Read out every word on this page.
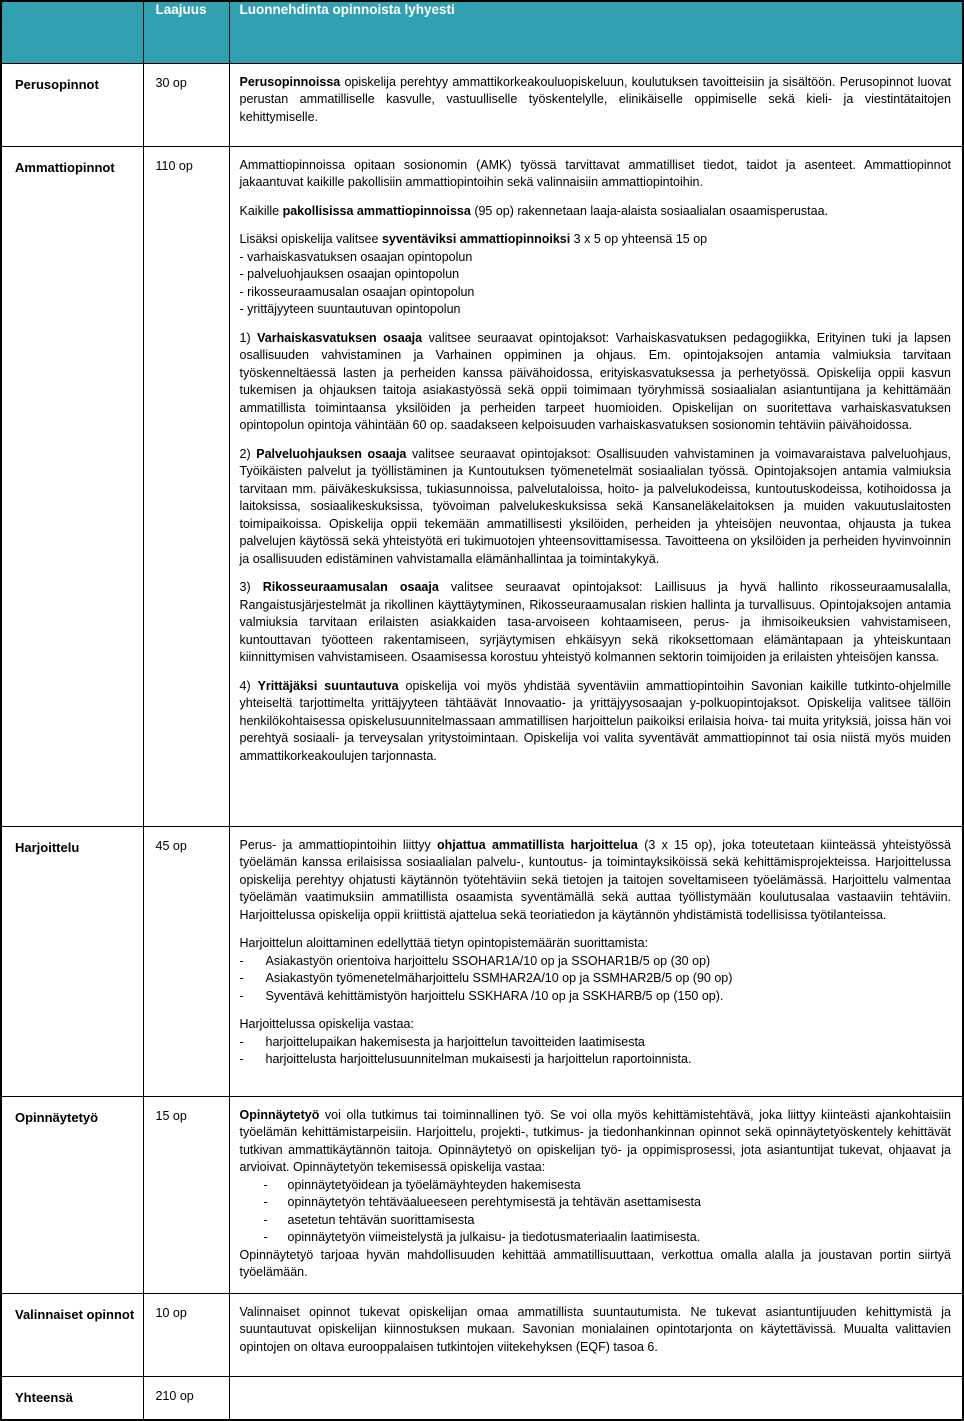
	Laajuus	Luonnehdinta opinnoista lyhyesti
Perusopinnot	30 op	Perusopinnoissa opiskelija perehtyy ammattikorkeakouluopiskeluun, koulutuksen tavoitteisiin ja sisältöön. Perusopinnot luovat perustan ammatilliselle kasvulle, vastuulliselle työskentelylle, elinikäiselle oppimiselle sekä kieli- ja viestintätaitojen kehittymiselle.

Ammattiopinnot	110 op	Ammattiopinnoissa opitaan sosionomin (AMK) työssä tarvittavat ammatilliset tiedot, taidot ja asenteet. Ammattiopinnot jakaantuvat kaikille pakollisiin ammattiopintoihin sekä valinnaisiin ammattiopintoihin.
Kaikille pakollisissa ammattiopinnoissa (95 op) rakennetaan laaja-alaista sosiaalialan osaamisperustaa.
Lisäksi opiskelija valitsee syventäviksi ammattiopinnoiksi 3 x 5 op yhteensä 15 op
- varhaiskasvatuksen osaajan opintopolun
- palveluohjauksen osaajan opintopolun
- rikosseuraamusalan osaajan opintopolun
- yrittäjyyteen suuntautuvan opintopolun
1) Varhaiskasvatuksen osaaja valitsee seuraavat opintojaksot: Varhaiskasvatuksen pedagogiikka, Erityinen tuki ja lapsen osallisuuden vahvistaminen ja Varhainen oppiminen ja ohjaus. Em. opintojaksojen antamia valmiuksia tarvitaan työskenneltäessä lasten ja perheiden kanssa päivähoidossa, erityiskasvatuksessa ja perhetyössä. Opiskelija oppii kasvun tukemisen ja ohjauksen taitoja asiakastyössä sekä oppii toimimaan työryhmissä sosiaalialan asiantuntijana ja kehittämään ammatillista toimintaansa yksilöiden ja perheiden tarpeet huomioiden. Opiskelijan on suoritettava varhaiskasvatuksen opintopolun opintoja vähintään 60 op. saadakseen kelpoisuuden varhaiskasvatuksen sosionomin tehtäviin päivähoidossa.
2) Palveluohjauksen osaaja valitsee seuraavat opintojaksot: Osallisuuden vahvistaminen ja voimavaraistava palveluohjaus, Työikäisten palvelut ja työllistäminen ja Kuntoutuksen työmenetelmät sosiaalialan työssä. Opintojaksojen antamia valmiuksia tarvitaan mm. päiväkeskuksissa, tukiasunnoissa, palvelutaloissa, hoito- ja palvelukodeissa, kuntoutuskodeissa, kotihoidossa ja laitoksissa, sosiaalikeskuksissa, työvoiman palvelukeskuksissa sekä Kansaneläkelaitoksen ja muiden vakuutuslaitosten toimipaikoissa. Opiskelija oppii tekemään ammatillisesti yksilöiden, perheiden ja yhteisöjen neuvontaa, ohjausta ja tukea palvelujen käytössä sekä yhteistyötä eri tukimuotojen yhteensovittamisessa. Tavoitteena on yksilöiden ja perheiden hyvinvoinnin ja osallisuuden edistäminen vahvistamalla elämänhallintaa ja toimintakykyä.
3) Rikosseuraamusalan osaaja valitsee seuraavat opintojaksot: Laillisuus ja hyvä hallinto rikosseuraamusalalla, Rangaistusjärjestelmät ja rikollinen käyttäytyminen, Rikosseuraamusalan riskien hallinta ja turvallisuus. Opintojaksojen antamia valmiuksia tarvitaan erilaisten asiakkaiden tasa-arvoiseen kohtaamiseen, perus- ja ihmisoikeuksien vahvistamiseen, kuntouttavan työotteen rakentamiseen, syrjäytymisen ehkäisyyn sekä rikoksettomaan elämäntapaan ja yhteiskuntaan kiinnittymisen vahvistamiseen. Osaamisessa korostuu yhteistyö kolmannen sektorin toimijoiden ja erilaisten yhteisöjen kanssa.
4) Yrittäjäksi suuntautuva opiskelija voi myös yhdistää syventäviin ammattiopintoihin Savonian kaikille tutkinto-ohjelmille yhteiseltä tarjottimelta yrittäjyyteen tähtäävät Innovaatio- ja yrittäjyysosaajan y-polkuopintojaksot. Opiskelija valitsee tällöin henkilökohtaisessa opiskelusuunnitelmassaan ammatillisen harjoittelun paikoiksi erilaisia hoiva- tai muita yrityksiä, joissa hän voi perehtyä sosiaali- ja terveysalan yritystoimintaan. Opiskelija voi valita syventävät ammattiopinnot tai osia niistä myös muiden ammattikorkeakoulujen tarjonnasta.

Harjoittelu	45 op	Perus- ja ammattiopintoihin liittyy ohjattua ammatillista harjoittelua (3 x 15 op), joka toteutetaan kiinteässä yhteistyössä työelämän kanssa erilaisissa sosiaalialan palvelu-, kuntoutus- ja toimintayksiköissä sekä kehittämisprojekteissa. Harjoittelussa opiskelija perehtyy ohjatusti käytännön työtehtäviin sekä tietojen ja taitojen soveltamiseen työelämässä. Harjoittelu valmentaa työelämän vaatimuksiin ammatillista osaamista syventämällä sekä auttaa työllistymään koulutusalaa vastaaviin tehtäviin. Harjoittelussa opiskelija oppii kriittistä ajattelua sekä teoriatiedon ja käytännön yhdistämistä todellisissa työtilanteissa.
Harjoittelun aloittaminen edellyttää tietyn opintopistemäärän suorittamista:
-	Asiakastyön orientoiva harjoittelu SSOHAR1A/10 op ja SSOHAR1B/5 op (30 op)
-	Asiakastyön työmenetelmäharjoittelu SSMHAR2A/10 op ja SSMHAR2B/5 op (90 op)
-	Syventävä kehittämistyön harjoittelu SSKHARA /10 op ja SSKHARB/5 op (150 op).
Harjoittelussa opiskelija vastaa:
-	harjoittelupaikan hakemisesta ja harjoittelun tavoitteiden laatimisesta
-	harjoittelusta harjoittelusuunnitelman mukaisesti ja harjoittelun raportoinnista.

Opinnäytetyö	15 op	Opinnäytetyö voi olla tutkimus tai toiminnallinen työ. Se voi olla myös kehittämistehtävä, joka liittyy kiinteästi ajankohtaisiin työelämän kehittämistarpeisiin. Harjoittelu, projekti-, tutkimus- ja tiedonhankinnan opinnot sekä opinnäytetyöskentely kehittävät tutkivan ammattikäytännön taitoja. Opinnäytetyö on opiskelijan työ- ja oppimisprosessi, jota asiantuntijat tukevat, ohjaavat ja arvioivat. Opinnäytetyön tekemisessä opiskelija vastaa:
-	opinnäytetyöidean ja työelämäyhteyden hakemisesta
-	opinnäytetyön tehtäväalueeseen perehtymisestä ja tehtävän asettamisesta
-	asetetun tehtävän suorittamisesta
-	opinnäytetyön viimeistelystä ja julkaisu- ja tiedotusmateriaalin laatimisesta.
Opinnäytetyö tarjoaa hyvän mahdollisuuden kehittää ammatillisuuttaan, verkottua omalla alalla ja joustavan portin siirtyä työelämään.

Valinnaiset opinnot	10 op	Valinnaiset opinnot tukevat opiskelijan omaa ammatillista suuntautumista. Ne tukevat asiantuntijuuden kehittymistä ja suuntautuvat opiskelijan kiinnostuksen mukaan. Savonian monialainen opintotarjonta on käytettävissä. Muualta valittavien opintojen on oltava eurooppalaisen tutkintojen viitekehyksen (EQF) tasoa 6.

Yhteensä	210 op	
